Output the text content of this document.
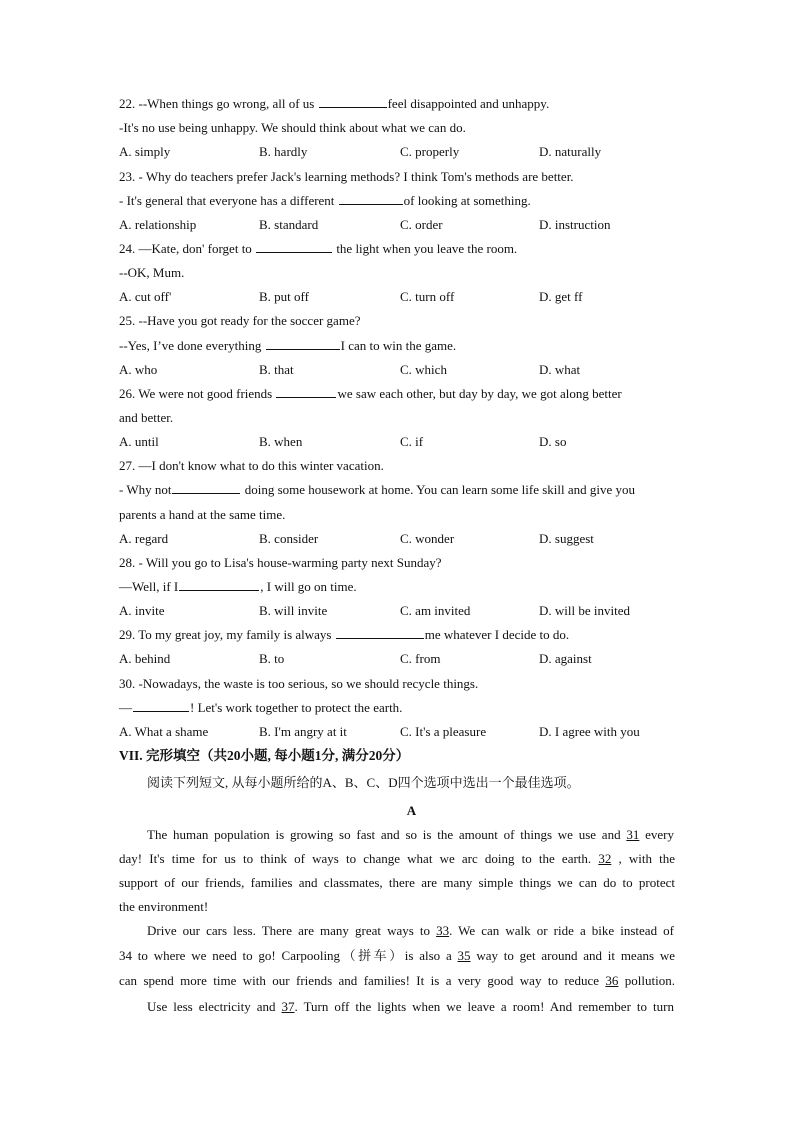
22. --When things go wrong, all of us	feel disappointed and unhappy.
-It's no use being unhappy. We should think about what we can do.
A. simply	B. hardly	C. properly	D. naturally
23. - Why do teachers prefer Jack's learning methods? I think Tom's methods are better.
- It's general that everyone has a different	of looking at something.
A. relationship	B. standard	C. order	D. instruction
24. —Kate, don' forget to	the light when you leave the room.
--OK, Mum.
A. cut off'	B. put off	C. turn off	D. get ff
25. --Have you got ready for the soccer game?
--Yes, I’ve done everything	I can to win the game.
A. who	B. that	C. which	D. what
26. We were not good friends	we saw each other, but day by day, we got along better
and better.
A. until	B. when	C. if	D. so
27. —I don't know what to do this winter vacation.
- Why not	doing some housework at home. You can learn some life skill and give you
parents a hand at the same time.
A. regard	B. consider	C. wonder	D. suggest
28. - Will you go to Lisa's house-warming party next Sunday?
—Well, if I	, I will go on time.
A. invite	B. will invite	C. am invited	D. will be invited
29. To my great joy, my family is always	me whatever I decide to do.
A. behind	B. to	C. from	D. against
30. -Nowadays, the waste is too serious, so we should recycle things.
—	! Let's work together to protect the earth.
A. What a shame	B. I'm angry at it	C. It's a pleasure	D. I agree with you
VII. 完形填空（共20小题, 每小题1分, 满分20分）
阅读下列短文, 从每小题所给的A、B、C、D四个选项中选出一个最佳选项。
A
The human population is growing so fast and so is the amount of things we use and 31 every
day! It's time for us to think of ways to change what we arc doing to the earth. 32 , with the
support of our friends, families and classmates, there are many simple things we can do to protect
the environment!
Drive our cars less. There are many great ways to 33. We can walk or ride a bike instead of
34 to where we need to go! Carpooling（拼车）is also a 35 way to get around and it means we
can spend more time with our friends and families! It is a very good way to reduce 36 pollution.
Use less electricity and 37. Turn off the lights when we leave a room! And remember to turn
